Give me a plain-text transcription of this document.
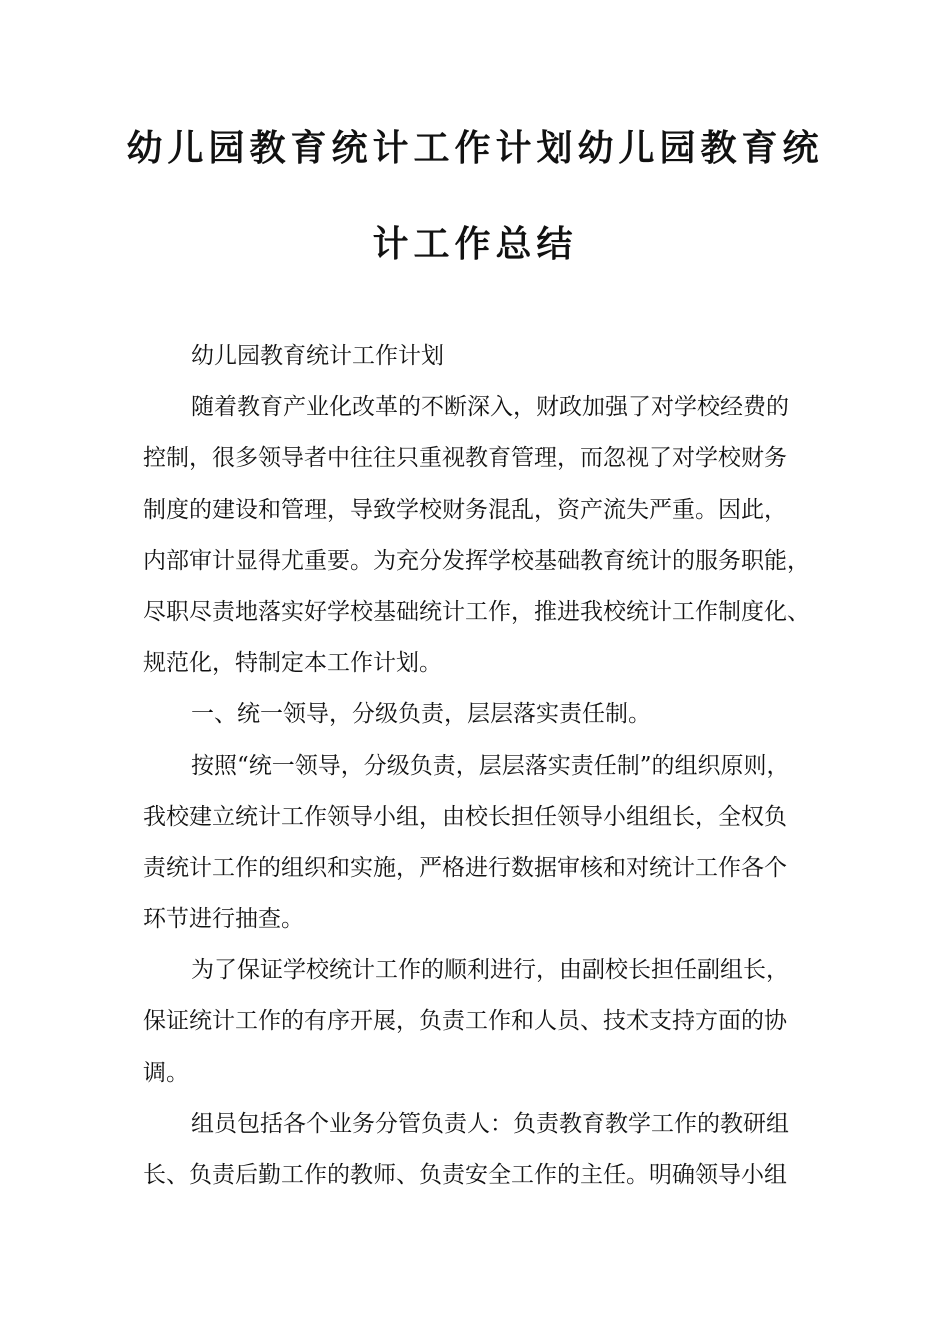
幼儿园教育统计工作计划幼儿园教育统
计工作总结
幼儿园教育统计工作计划
随着教育产业化改革的不断深入，财政加强了对学校经费的
控制，很多领导者中往往只重视教育管理，而忽视了对学校财务
制度的建设和管理，导致学校财务混乱，资产流失严重。因此，
内部审计显得尤重要。为充分发挥学校基础教育统计的服务职能，
尽职尽责地落实好学校基础统计工作，推进我校统计工作制度化、
规范化，特制定本工作计划。
一、统一领导，分级负责，层层落实责任制。
按照“统一领导，分级负责，层层落实责任制”的组织原则，
我校建立统计工作领导小组，由校长担任领导小组组长，全权负
责统计工作的组织和实施，严格进行数据审核和对统计工作各个
环节进行抽查。
为了保证学校统计工作的顺利进行，由副校长担任副组长，
保证统计工作的有序开展，负责工作和人员、技术支持方面的协
调。
组员包括各个业务分管负责人：负责教育教学工作的教研组
长、负责后勤工作的教师、负责安全工作的主任。明确领导小组
